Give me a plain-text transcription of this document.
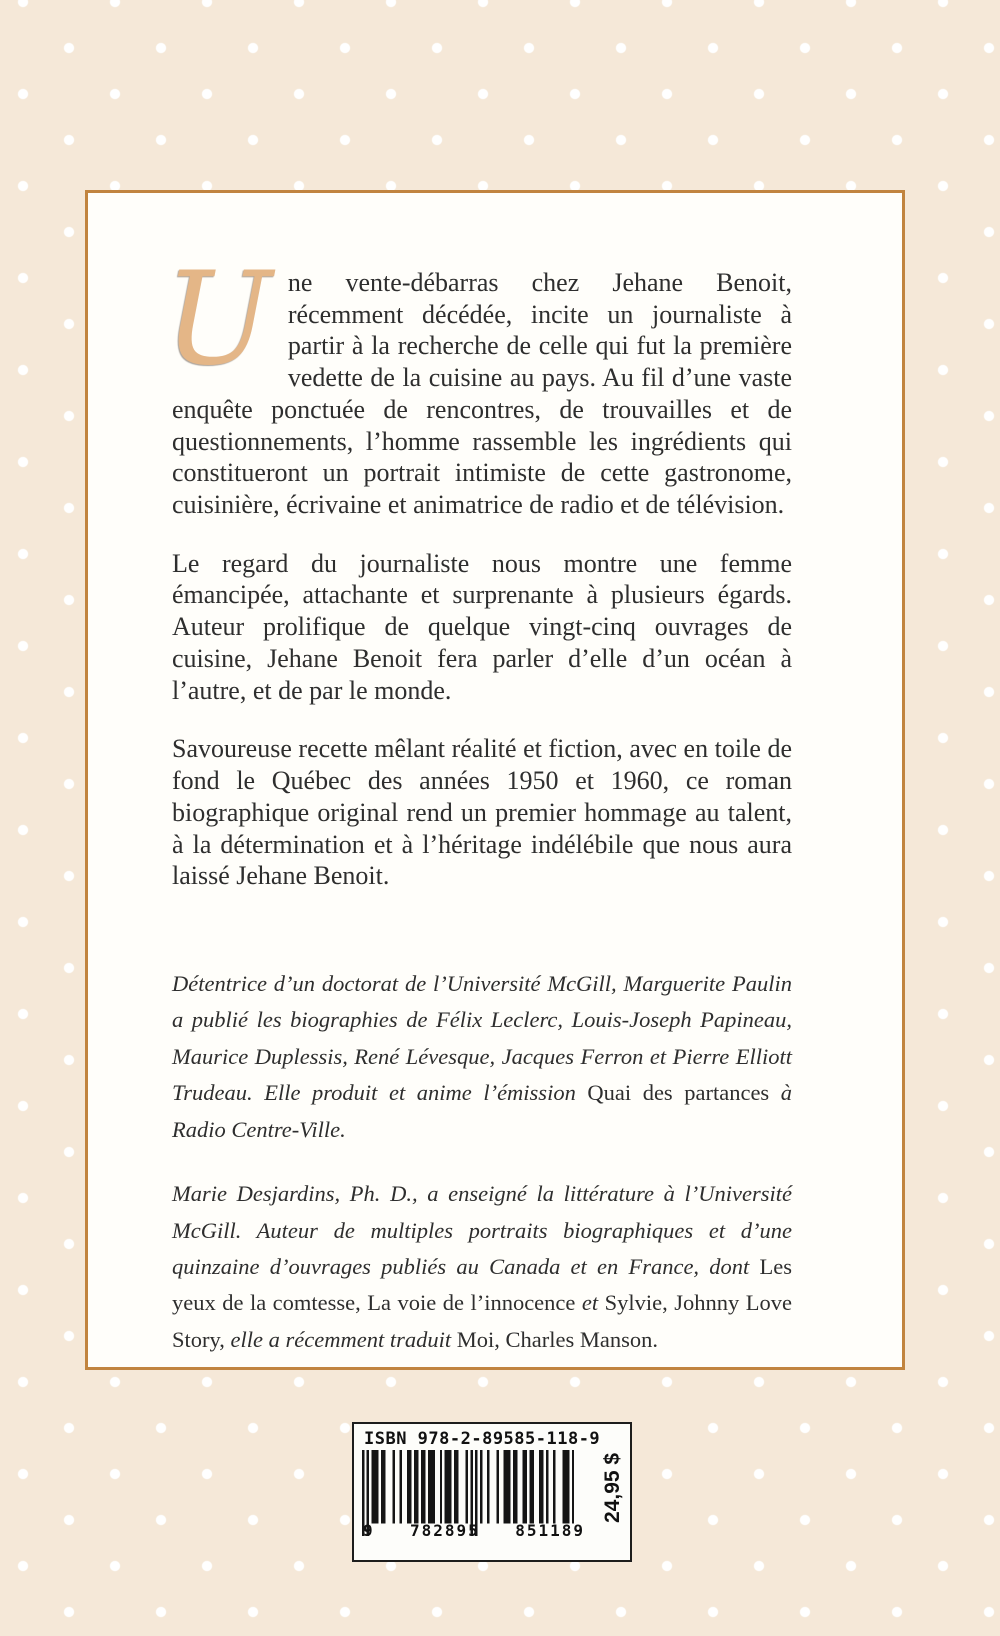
Une vente-débarras chez Jehane Benoit, récemment décédée, incite un journaliste à partir à la recherche de celle qui fut la première vedette de la cuisine au pays. Au fil d’une vaste enquête ponctuée de rencontres, de trouvailles et de questionnements, l’homme rassemble les ingrédients qui constitueront un portrait intimiste de cette gastronome, cuisinière, écrivaine et animatrice de radio et de télévision.

Le regard du journaliste nous montre une femme émancipée, attachante et surprenante à plusieurs égards. Auteur prolifique de quelque vingt-cinq ouvrages de cuisine, Jehane Benoit fera parler d’elle d’un océan à l’autre, et de par le monde.

Savoureuse recette mêlant réalité et fiction, avec en toile de fond le Québec des années 1950 et 1960, ce roman biographique original rend un premier hommage au talent, à la détermination et à l’héritage indélébile que nous aura laissé Jehane Benoit.

Détentrice d’un doctorat de l’Université McGill, Marguerite Paulin a publié les biographies de Félix Leclerc, Louis-Joseph Papineau, Maurice Duplessis, René Lévesque, Jacques Ferron et Pierre Elliott Trudeau. Elle produit et anime l’émission Quai des partances à Radio Centre-Ville.

Marie Desjardins, Ph. D., a enseigné la littérature à l’Université McGill. Auteur de multiples portraits biographiques et d’une quinzaine d’ouvrages publiés au Canada et en France, dont Les yeux de la comtesse, La voie de l’innocence et Sylvie, Johnny Love Story, elle a récemment traduit Moi, Charles Manson.

ISBN 978-2-89585-118-9
9 782895 851189
24,95 $
